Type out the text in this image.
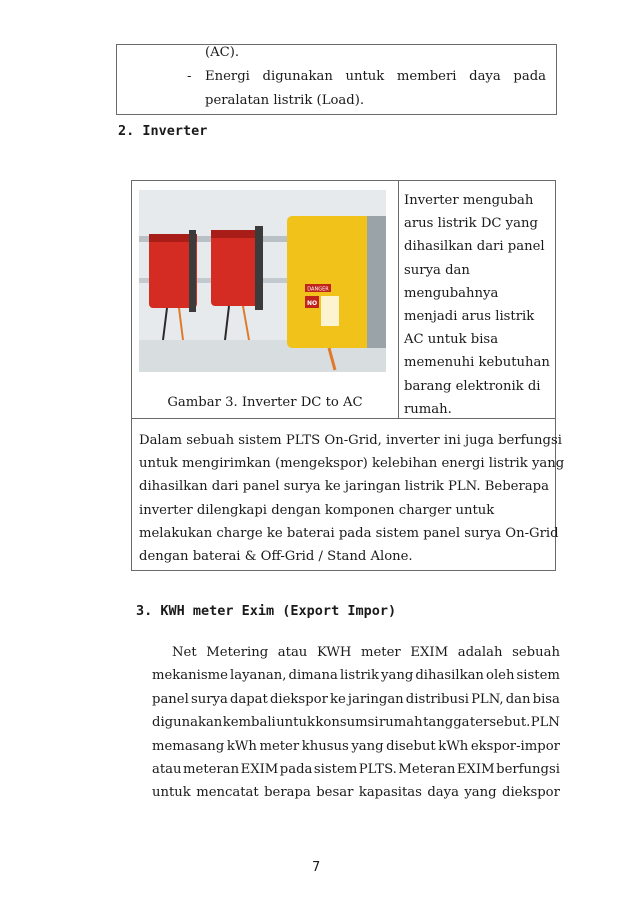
(AC).
- Energi digunakan untuk memberi daya pada
peralatan listrik (Load).
2. Inverter
DANGER
NO
Gambar 3. Inverter DC to AC
Inverter mengubah
arus listrik DC yang
dihasilkan dari panel
surya dan
mengubahnya
menjadi arus listrik
AC untuk bisa
memenuhi kebutuhan
barang elektronik di
rumah.
Dalam sebuah sistem PLTS On-Grid, inverter ini juga berfungsi
untuk mengirimkan (mengekspor) kelebihan energi listrik yang
dihasilkan dari panel surya ke jaringan listrik PLN. Beberapa
inverter dilengkapi dengan komponen charger untuk
melakukan charge ke baterai pada sistem panel surya On-Grid
dengan baterai & Off-Grid / Stand Alone.
3. KWH meter Exim (Export Impor)
Net Metering atau KWH meter EXIM adalah sebuah
mekanisme layanan, dimana listrik yang dihasilkan oleh sistem
panel surya dapat diekspor ke jaringan distribusi PLN, dan bisa
digunakan kembali untuk konsumsi rumah tangga tersebut. PLN
memasang kWh meter khusus yang disebut kWh ekspor-impor
atau meteran EXIM pada sistem PLTS. Meteran EXIM berfungsi
untuk mencatat berapa besar kapasitas daya yang diekspor
7
